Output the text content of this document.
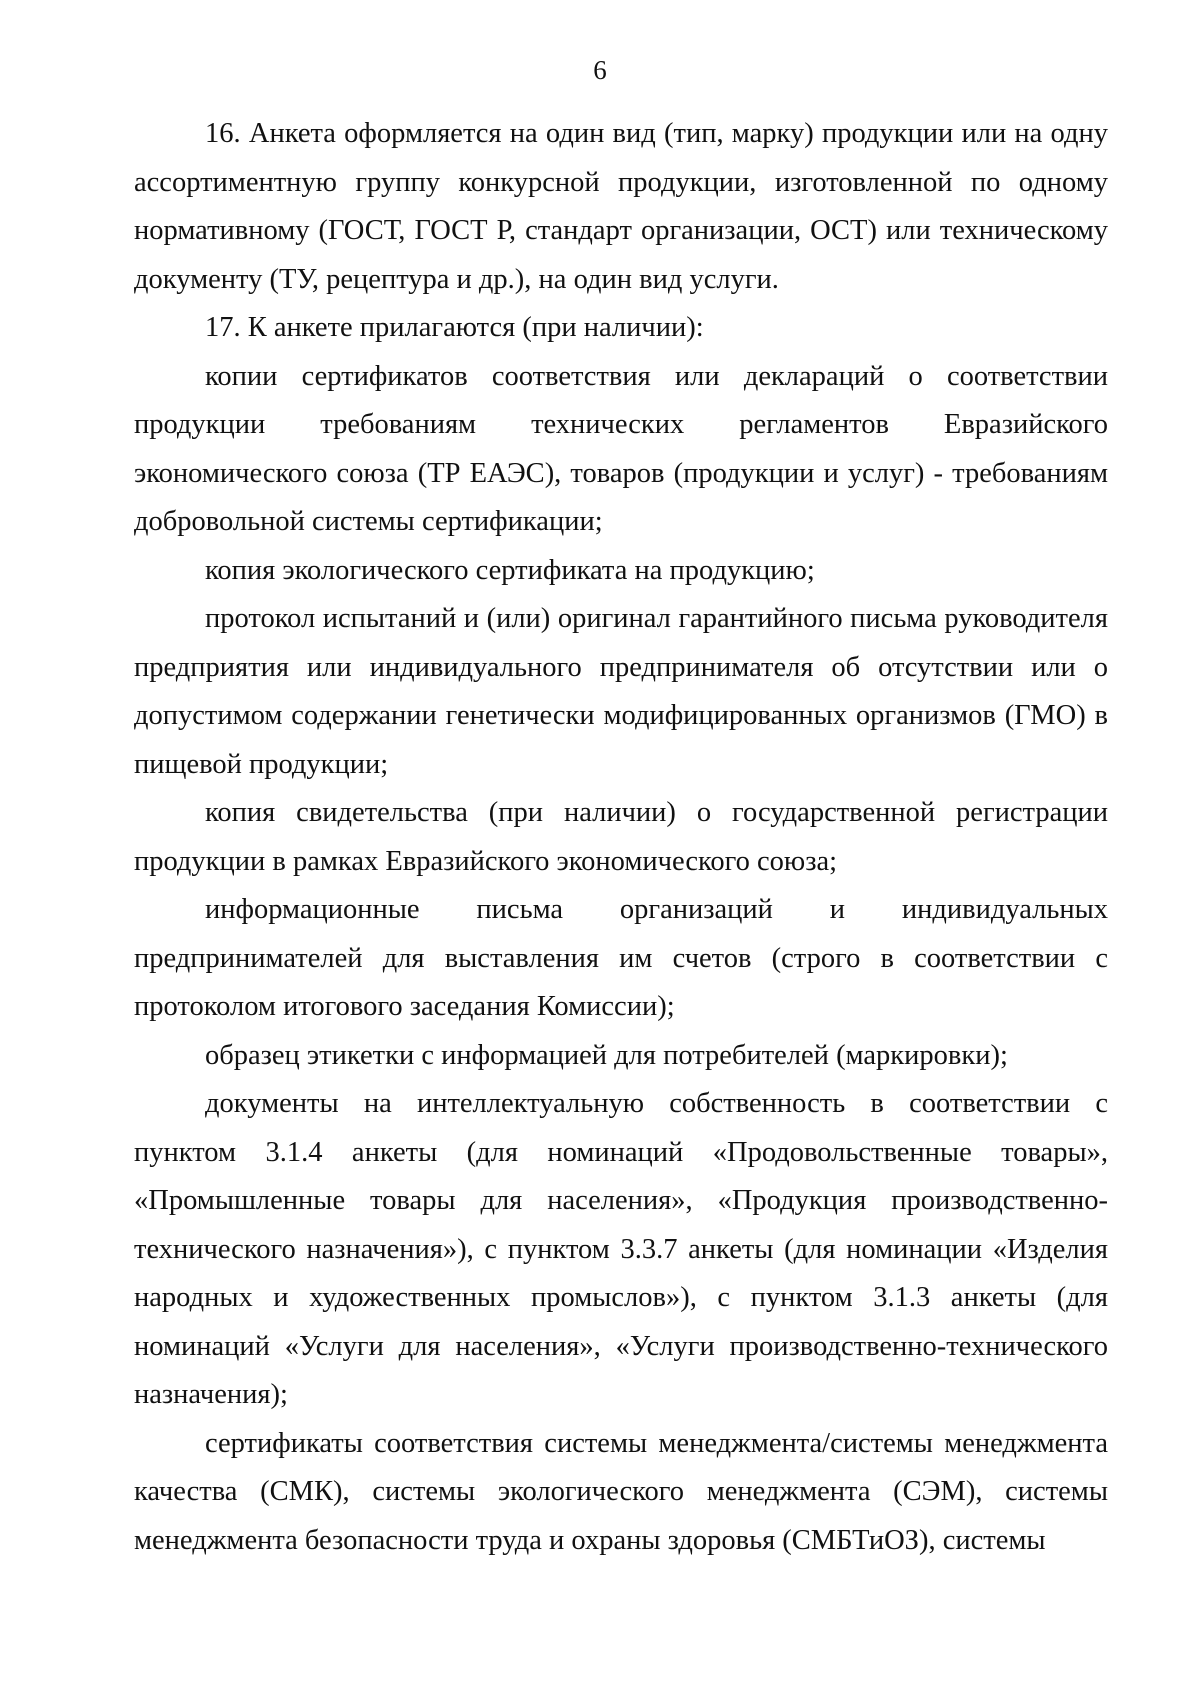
6

16. Анкета оформляется на один вид (тип, марку) продукции или на одну ассортиментную группу конкурсной продукции, изготовленной по одному нормативному (ГОСТ, ГОСТ Р, стандарт организации, ОСТ) или техническому документу (ТУ, рецептура и др.), на один вид услуги.

17. К анкете прилагаются (при наличии):

копии сертификатов соответствия или деклараций о соответствии продукции требованиям технических регламентов Евразийского экономического союза (ТР ЕАЭС), товаров (продукции и услуг) - требованиям добровольной системы сертификации;

копия экологического сертификата на продукцию;

протокол испытаний и (или) оригинал гарантийного письма руководителя предприятия или индивидуального предпринимателя об отсутствии или о допустимом содержании генетически модифицированных организмов (ГМО) в пищевой продукции;

копия свидетельства (при наличии) о государственной регистрации продукции в рамках Евразийского экономического союза;

информационные письма организаций и индивидуальных предпринимателей для выставления им счетов (строго в соответствии с протоколом итогового заседания Комиссии);

образец этикетки с информацией для потребителей (маркировки);

документы на интеллектуальную собственность в соответствии с пунктом 3.1.4 анкеты (для номинаций «Продовольственные товары», «Промышленные товары для населения», «Продукция производственно-технического назначения»), с пунктом 3.3.7 анкеты (для номинации «Изделия народных и художественных промыслов»), с пунктом 3.1.3 анкеты (для номинаций «Услуги для населения», «Услуги производственно-технического назначения);

сертификаты соответствия системы менеджмента/системы менеджмента качества (СМК), системы экологического менеджмента (СЭМ), системы менеджмента безопасности труда и охраны здоровья (СМБТиОЗ), системы
